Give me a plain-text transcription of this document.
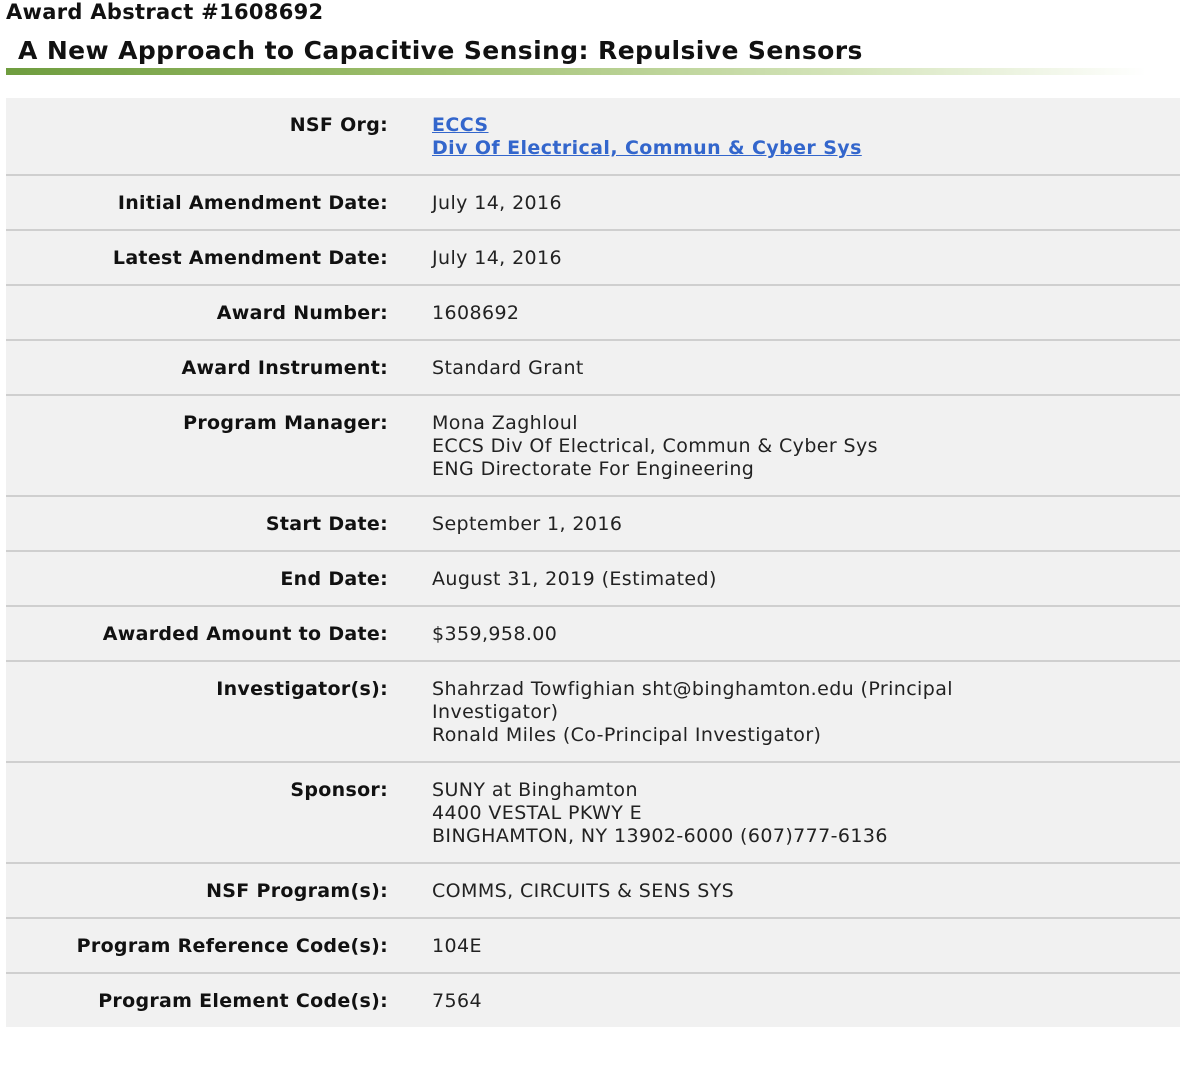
Award Abstract #1608692
A New Approach to Capacitive Sensing: Repulsive Sensors
NSF Org: ECCS
Div Of Electrical, Commun & Cyber Sys
Initial Amendment Date:	July 14, 2016
Latest Amendment Date:	July 14, 2016
Award Number:	1608692
Award Instrument:	Standard Grant
Program Manager: Mona Zaghloul
ECCS Div Of Electrical, Commun & Cyber Sys
ENG Directorate For Engineering
Start Date:	September 1, 2016
End Date:	August 31, 2019 (Estimated)
Awarded Amount to Date:	$359,958.00
Investigator(s): Shahrzad Towfighian sht@binghamton.edu (Principal
Investigator)
Ronald Miles (Co-Principal Investigator)
Sponsor: SUNY at Binghamton
4400 VESTAL PKWY E
BINGHAMTON, NY 13902-6000 (607)777-6136
NSF Program(s):	COMMS, CIRCUITS & SENS SYS
Program Reference Code(s):	104E
Program Element Code(s):	7564
